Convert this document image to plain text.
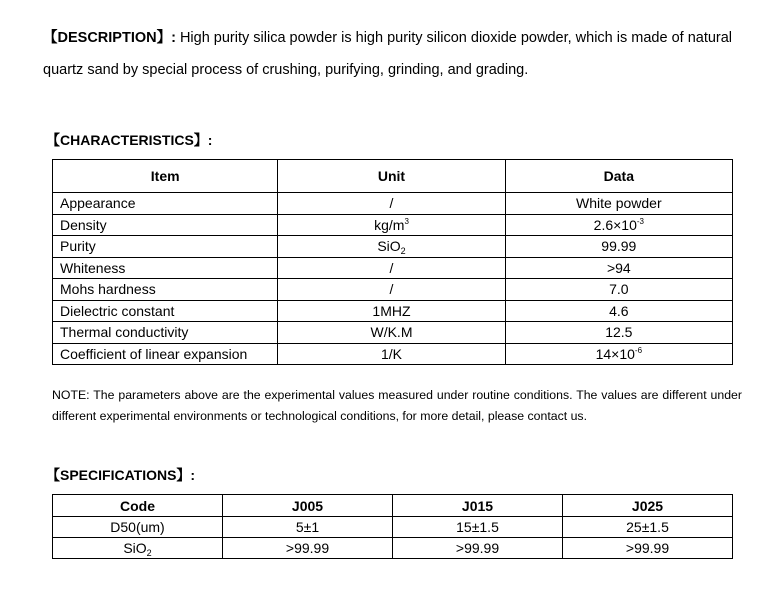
【DESCRIPTION】: High purity silica powder is high purity silicon dioxide powder, which is made of natural quartz sand by special process of crushing, purifying, grinding, and grading.
【CHARACTERISTICS】:
Item	Unit	Data
Appearance	/	White powder
Density	$kg/m^3$	$2.6\times 10^{-3}$
Purity	SiO$_2$	99.99
Whiteness	/	>94
Mohs hardness	/	7.0
Dielectric constant	1MHZ	4.6
Thermal conductivity	W/K.M	12.5
Coefficient of linear expansion	1/K	$14\times 10^{-6}$
NOTE: The parameters above are the experimental values measured under routine conditions. The values are different under different experimental environments or technological conditions, for more detail, please contact us.
【SPECIFICATIONS】:
Code	J005	J015	J025
D50(um)	5±1	15±1.5	25±1.5
SiO$_2$	>99.99	>99.99	>99.99
